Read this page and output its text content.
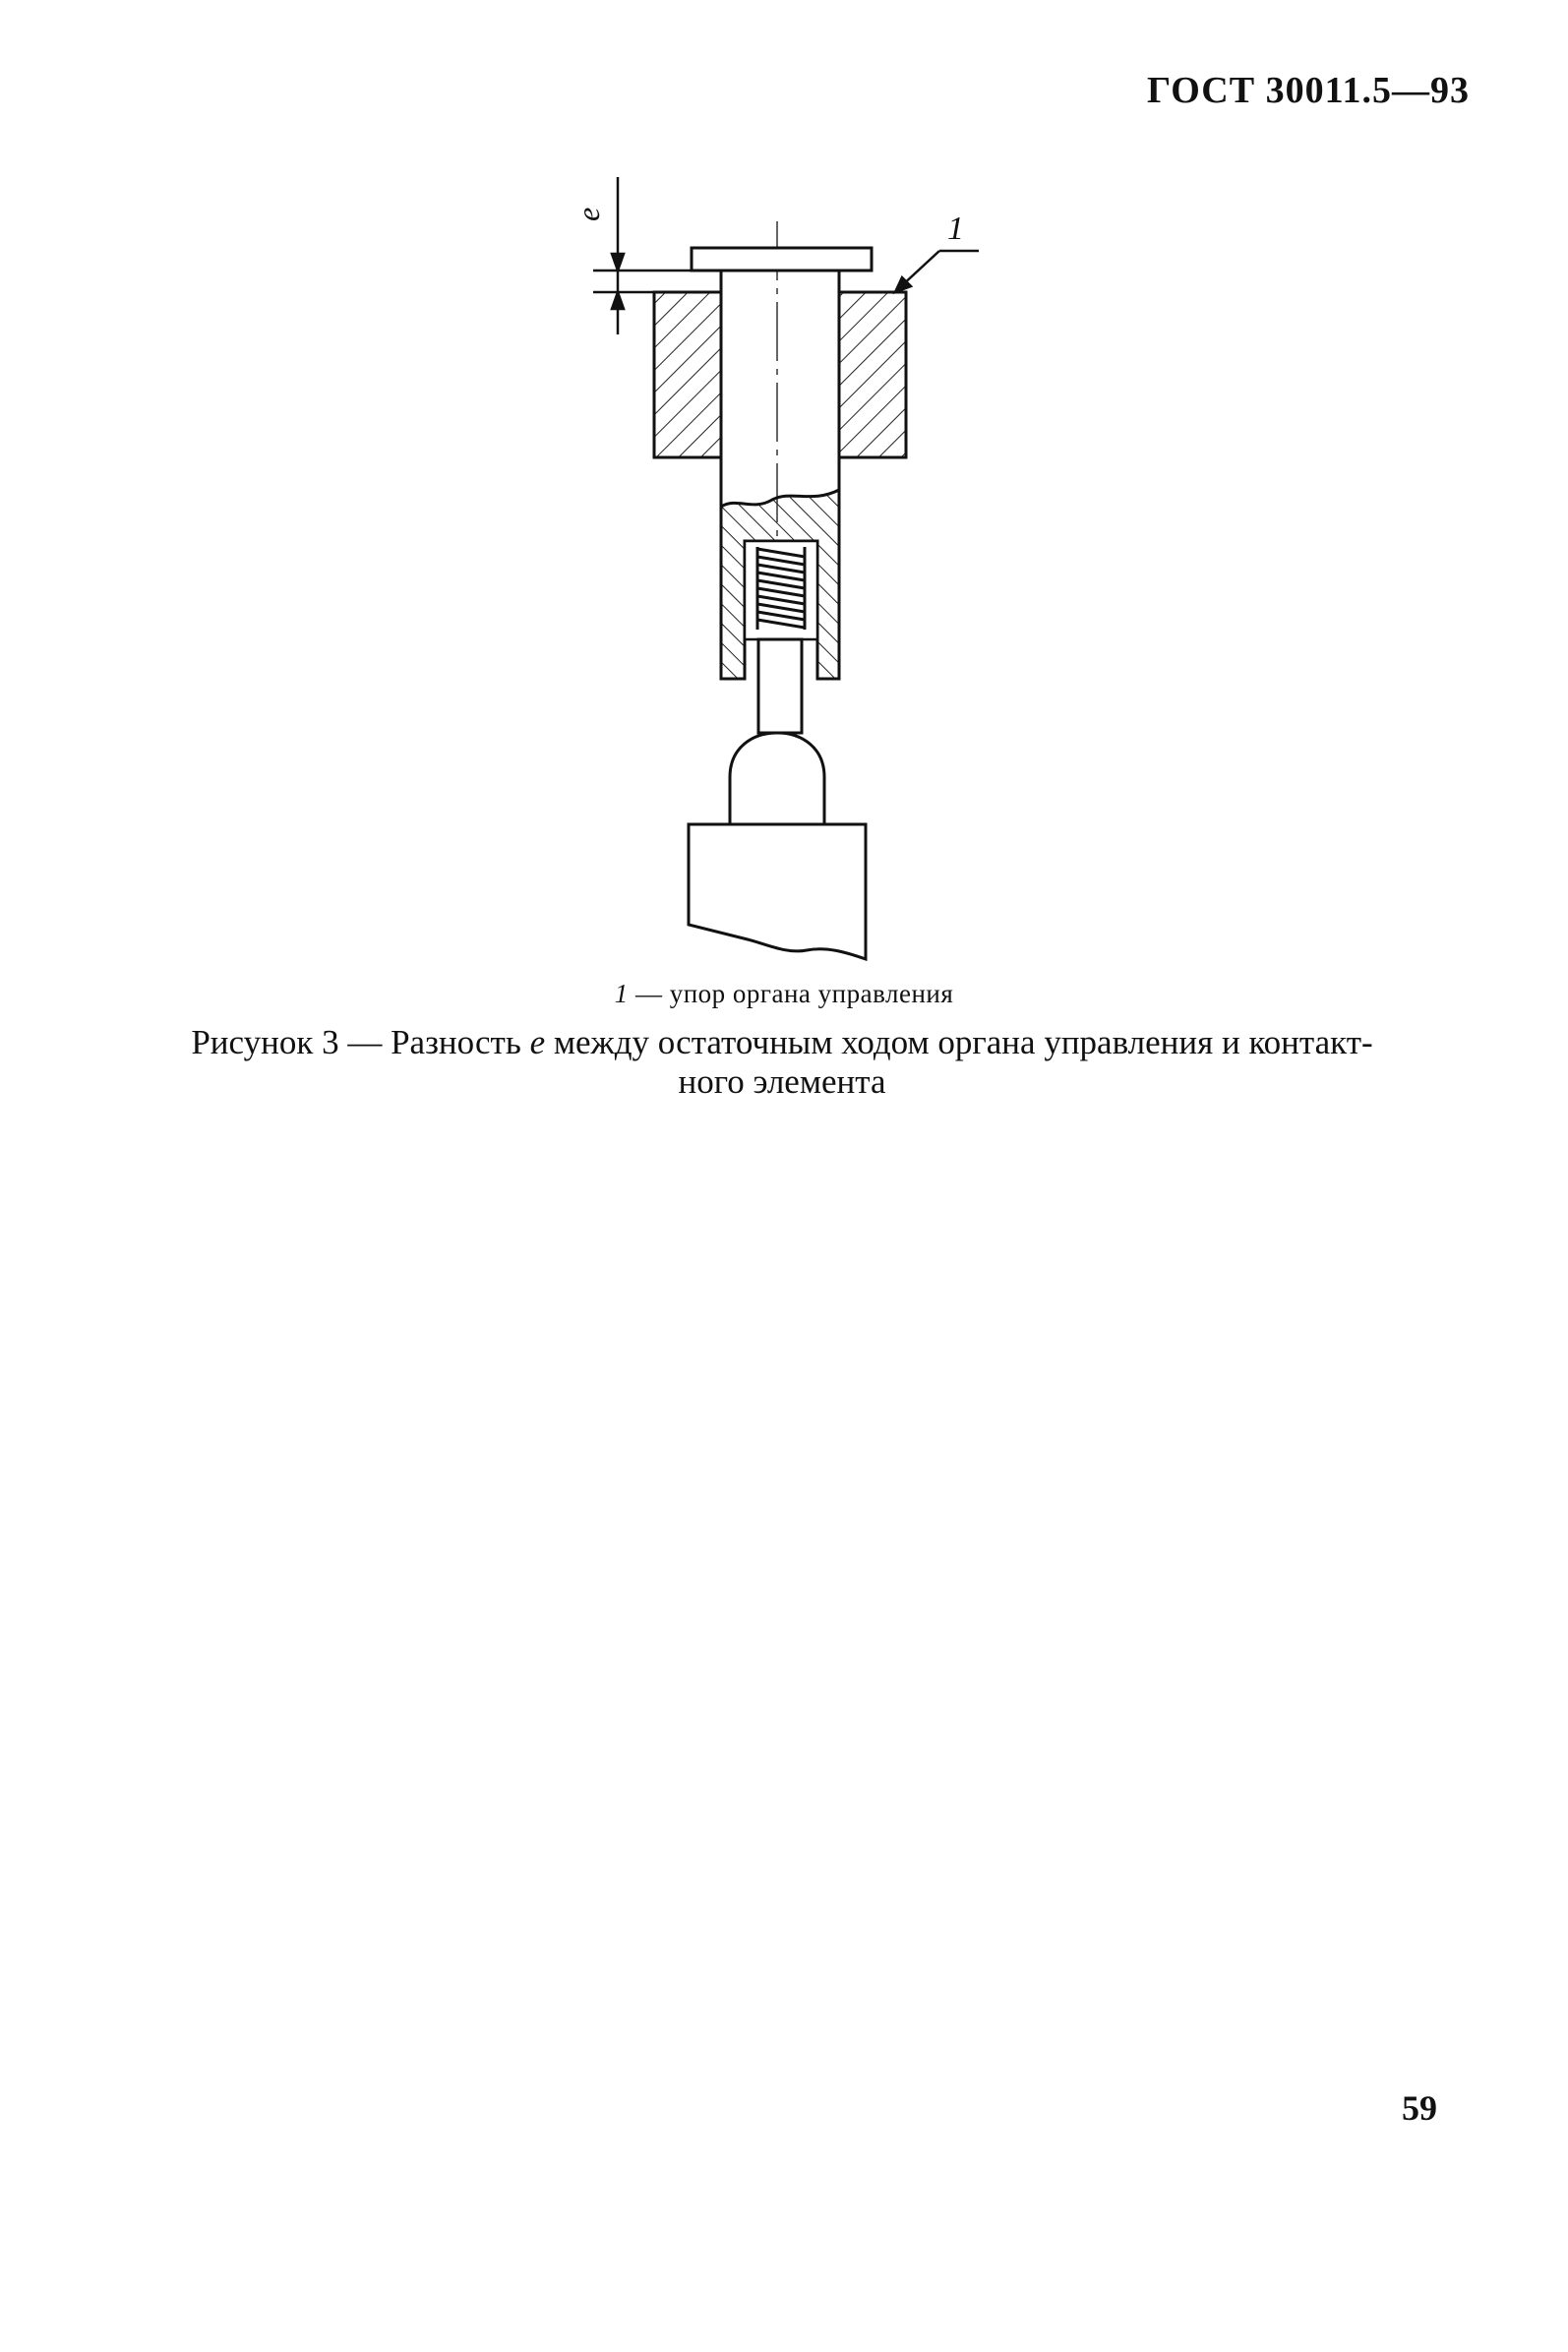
ГОСТ 30011.5—93
e	1
1 — упор органа управления
Рисунок 3 — Разность e между остаточным ходом органа управления и контакт-
ного элемента
59
